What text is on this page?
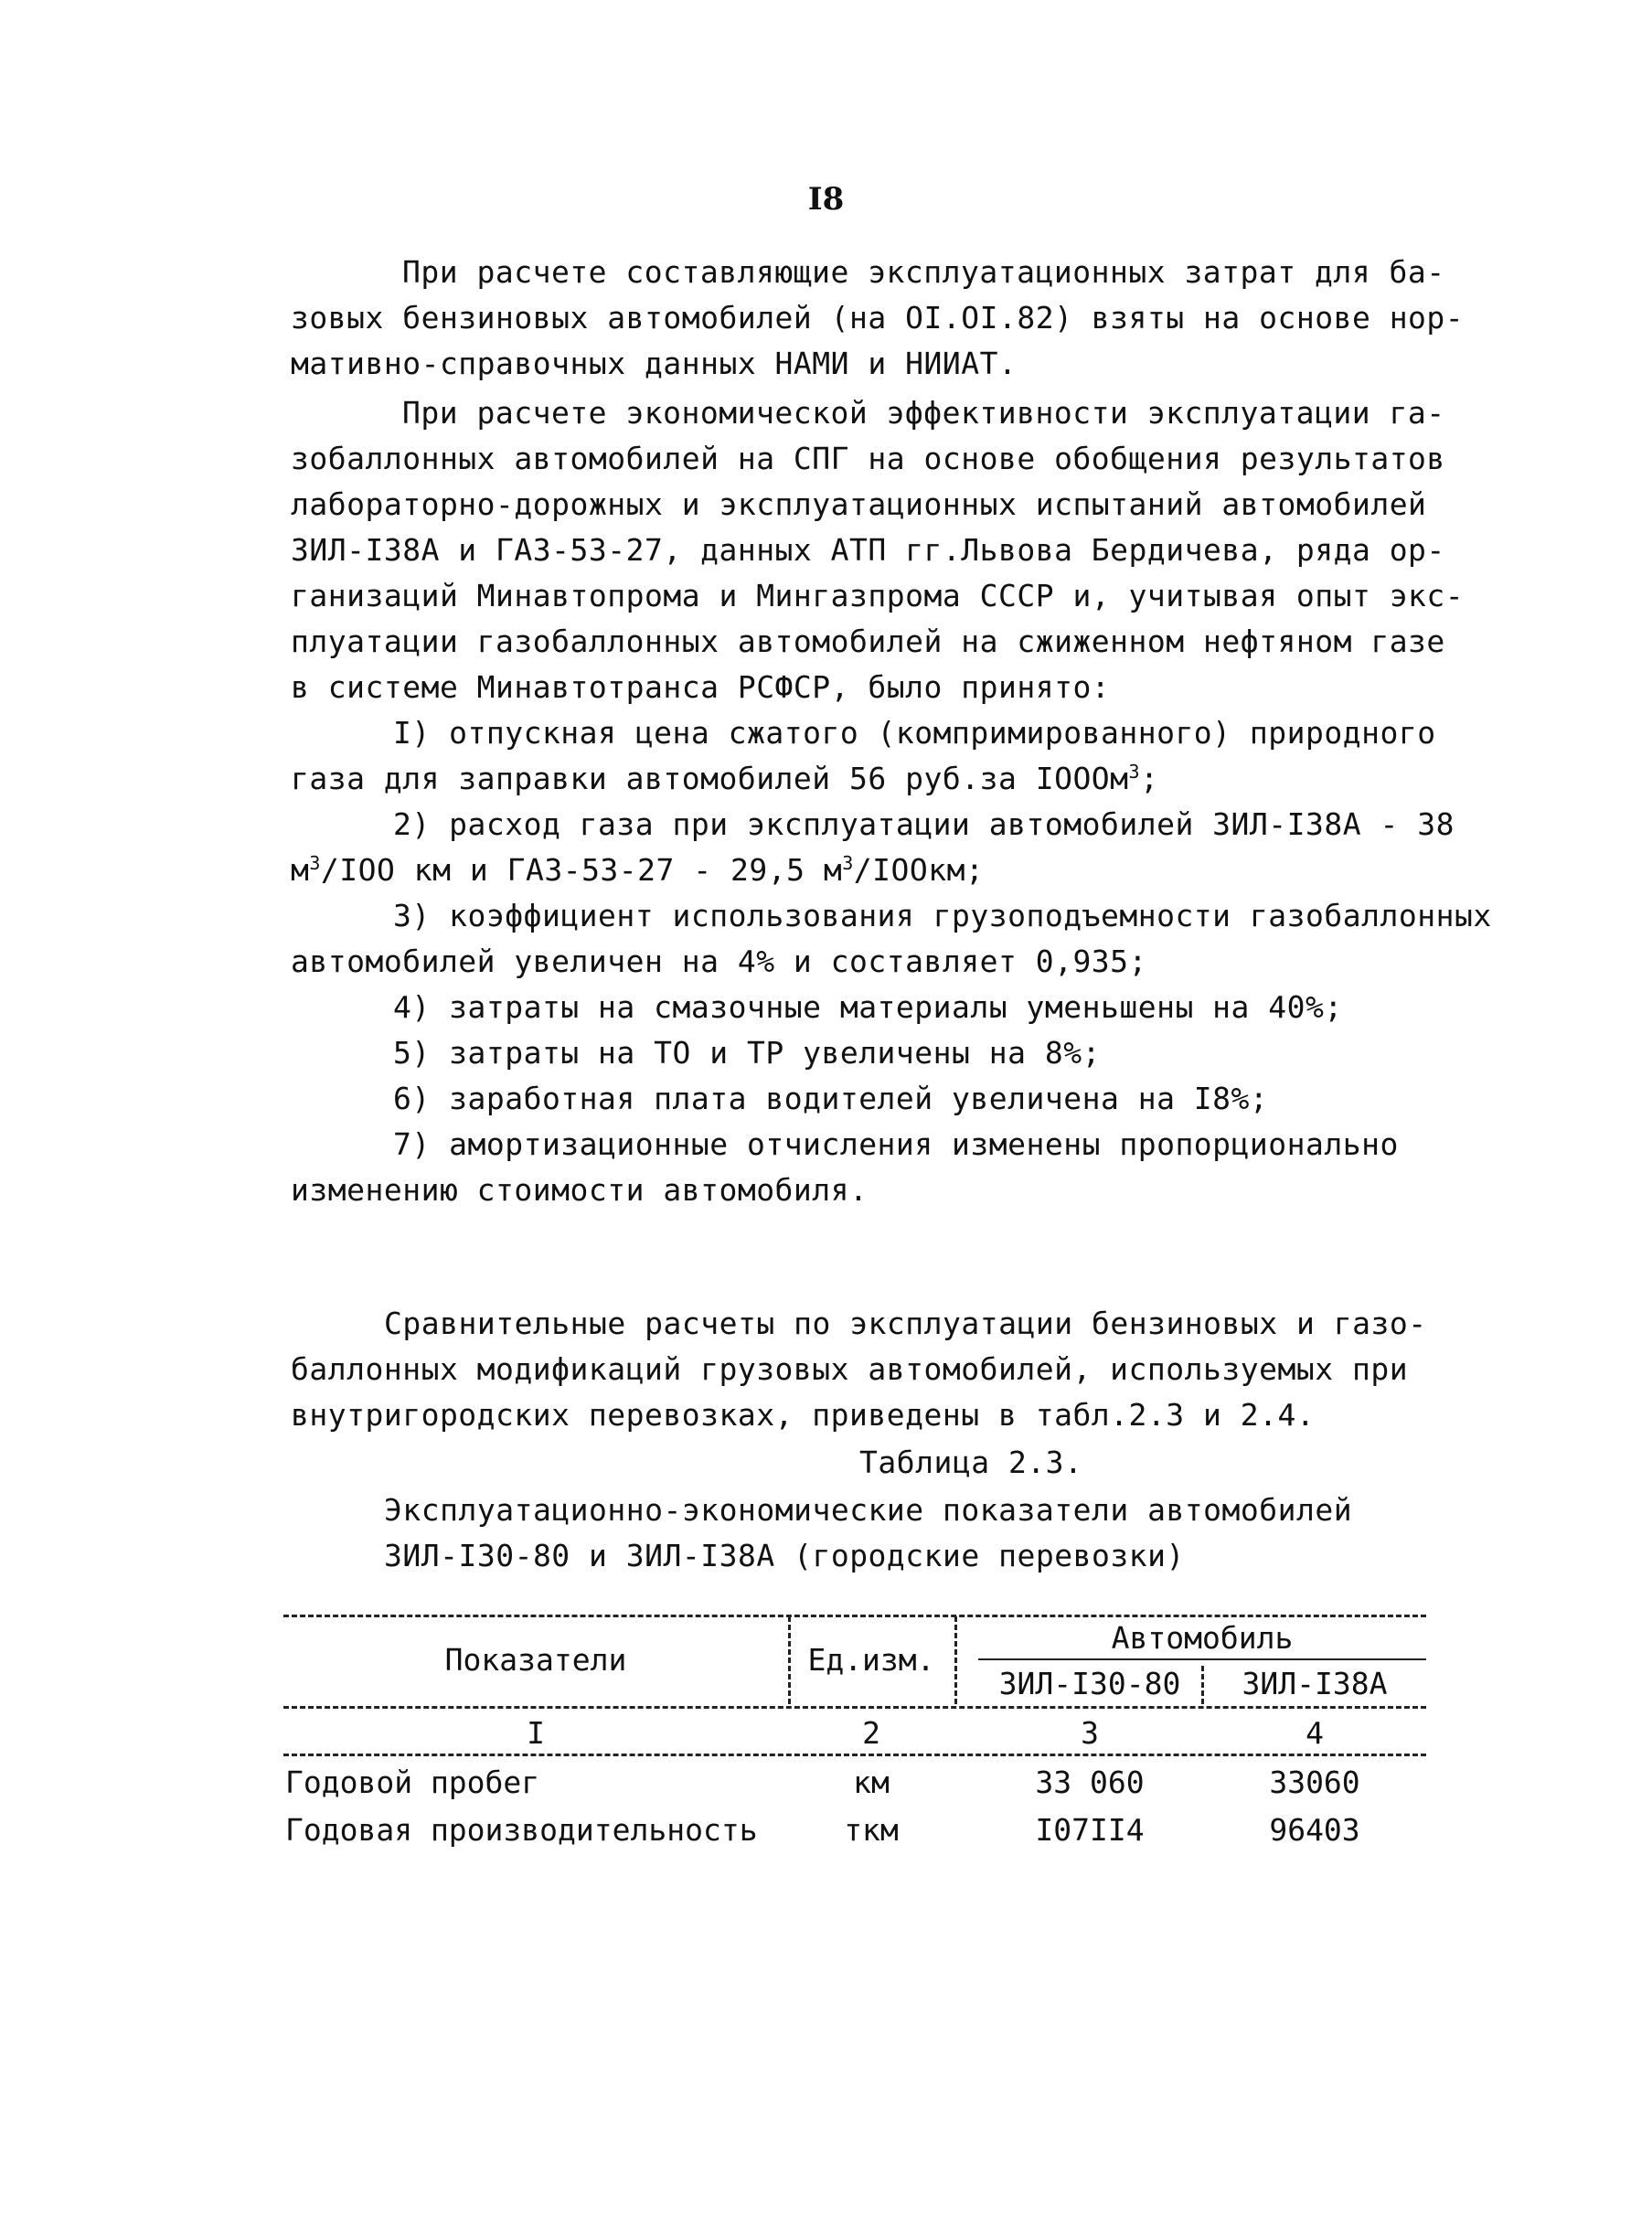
I8
При расчете составляющие эксплуатационных затрат для ба-
зовых бензиновых автомобилей (на OI.OI.82) взяты на основе нор-
мативно-справочных данных НАМИ и НИИАТ.
При расчете экономической эффективности эксплуатации га-
зобаллонных автомобилей на СПГ на основе обобщения результатов
лабораторно-дорожных и эксплуатационных испытаний автомобилей
ЗИЛ-I38А и ГАЗ-53-27, данных АТП гг.Львова Бердичева, ряда ор-
ганизаций Минавтопрома и Мингазпрома СССР и, учитывая опыт экс-
плуатации газобаллонных автомобилей на сжиженном нефтяном газе
в системе Минавтотранса РСФСР, было принято:
I) отпускная цена сжатого (компримированного) природного
газа для заправки автомобилей 56 руб.за IOOOм$^3$;
2) расход газа при эксплуатации автомобилей ЗИЛ-I38А - 38
$м^3$/IOO км и ГАЗ-53-27 - 29,5 $м^3$/IOOкм;
3) коэффициент использования грузоподъемности газобаллонных
автомобилей увеличен на 4% и составляет 0,935;
4) затраты на смазочные материалы уменьшены на 40%;
5) затраты на ТО и ТР увеличены на 8%;
6) заработная плата водителей увеличена на I8%;
7) амортизационные отчисления изменены пропорционально
изменению стоимости автомобиля.
Сравнительные расчеты по эксплуатации бензиновых и газо-
баллонных модификаций грузовых автомобилей, используемых при
внутригородских перевозках, приведены в табл.2.3 и 2.4.
Таблица 2.3.
Эксплуатационно-экономические показатели автомобилей
ЗИЛ-I30-80 и ЗИЛ-I38А (городские перевозки)
Показатели	Ед.изм.
Автомобиль
ЗИЛ-I30-80	ЗИЛ-I38А
I	2	3	4
Годовой пробег	км	33 060	33060
Годовая производительность	ткм	I07II4	96403
